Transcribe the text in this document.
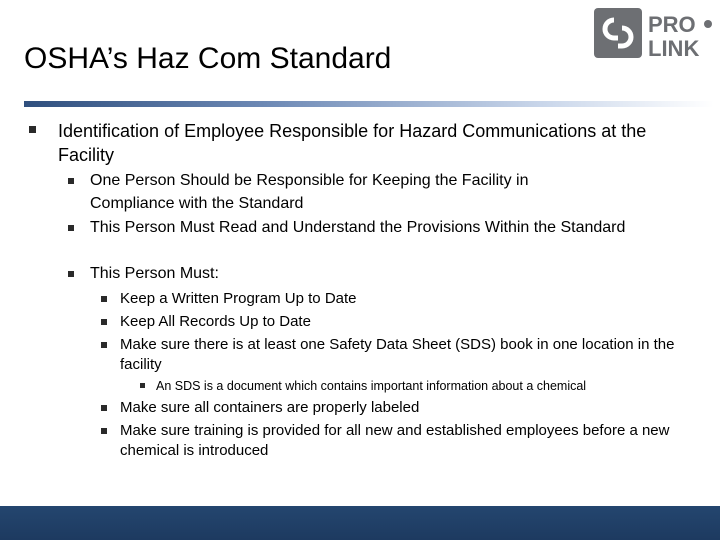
OSHA’s Haz Com Standard
PRO
LINK
Identification of Employee Responsible for Hazard Communications at the Facility
One Person Should be Responsible for Keeping the Facility in Compliance with the Standard
This Person Must Read and Understand the Provisions Within the Standard
This Person Must:
Keep a Written Program Up to Date
Keep All Records Up to Date
Make sure there is at least one Safety Data Sheet (SDS) book in one location in the facility
An SDS is a document which contains important information about a chemical
Make sure all containers are properly labeled
Make sure training is provided for all new and established employees before a new chemical is introduced
